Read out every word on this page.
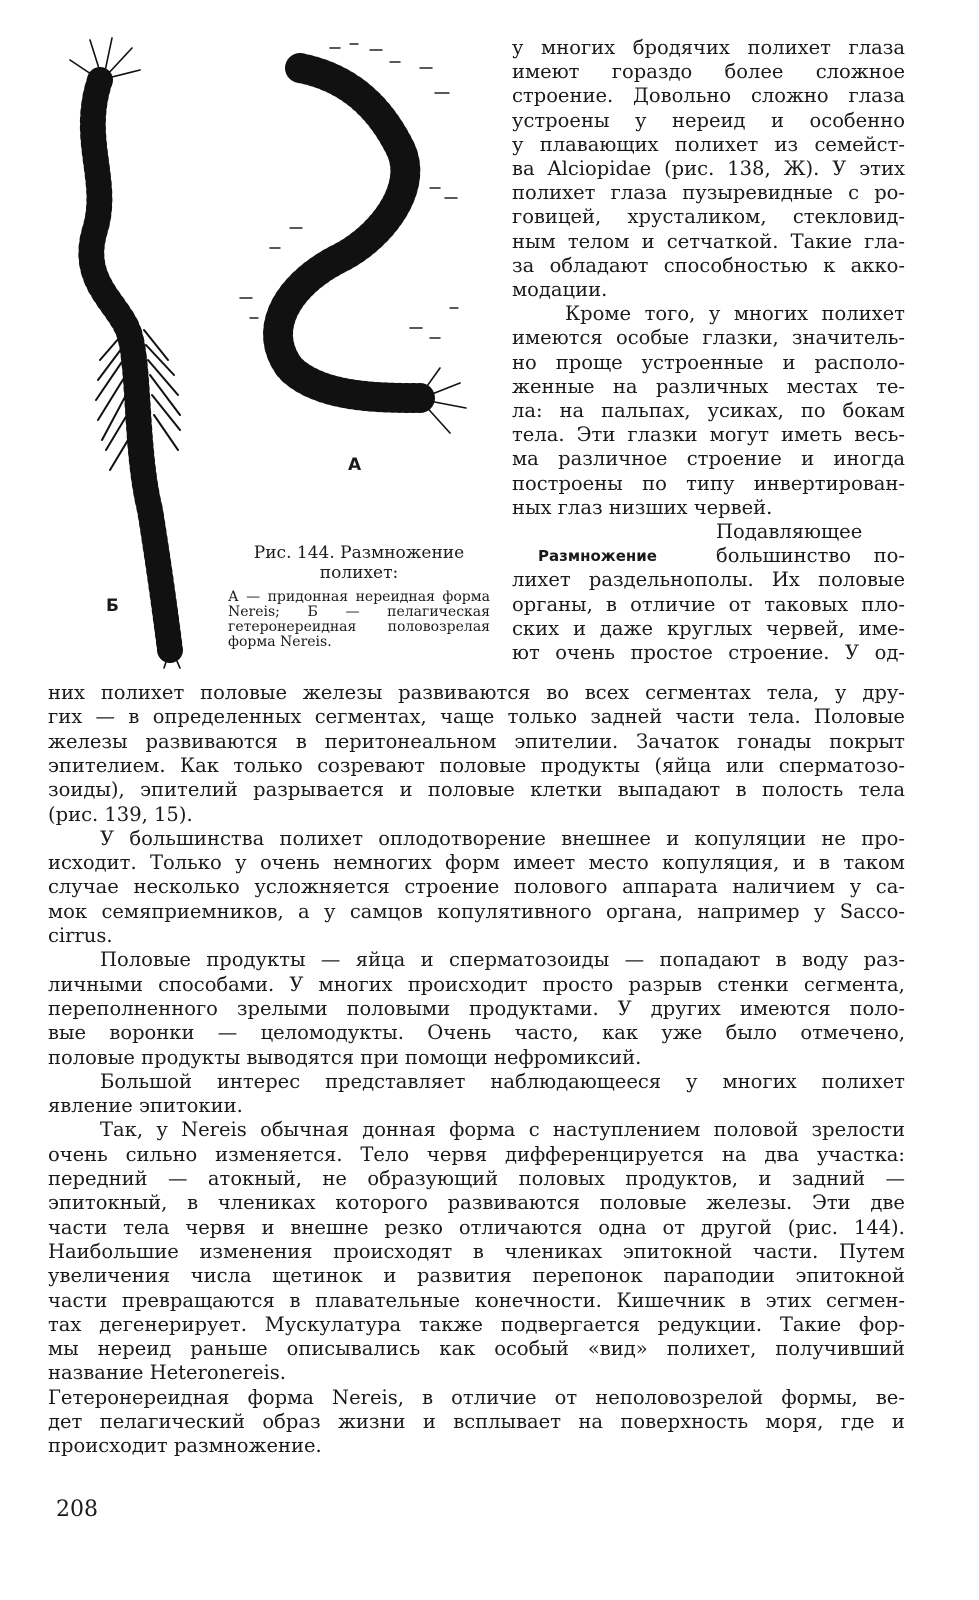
А
Б
Рис. 144. Размножение полихет:
А — придонная нереидная форма Nereis; Б — пелагическая гетеронереидная половозрелая форма Nereis.
Размножение
у многих бродячих полихет глаза
имеют гораздо более сложное
строение. Довольно сложно глаза
устроены у нереид и особенно
у плавающих полихет из семейст-
ва Alciopidae (рис. 138, Ж). У этих
полихет глаза пузыревидные с ро-
говицей, хрусталиком, стекловид-
ным телом и сетчаткой. Такие гла-
за обладают способностью к акко-
модации.
Кроме того, у многих полихет
имеются особые глазки, значитель-
но проще устроенные и располо-
женные на различных местах те-
ла: на пальпах, усиках, по бокам
тела. Эти глазки могут иметь весь-
ма различное строение и иногда
построены по типу инвертирован-
ных глаз низших червей.
Подавляющее
большинство по-
лихет раздельнополы. Их половые
органы, в отличие от таковых пло-
ских и даже круглых червей, име-
ют очень простое строение. У од-
них полихет половые железы развиваются во всех сегментах тела, у дру-
гих — в определенных сегментах, чаще только задней части тела. Половые
железы развиваются в перитонеальном эпителии. Зачаток гонады покрыт
эпителием. Как только созревают половые продукты (яйца или сперматозо-
зоиды), эпителий разрывается и половые клетки выпадают в полость тела
(рис. 139, 15).
У большинства полихет оплодотворение внешнее и копуляции не про-
исходит. Только у очень немногих форм имеет место копуляция, и в таком
случае несколько усложняется строение полового аппарата наличием у са-
мок семяприемников, а у самцов копулятивного органа, например у Sacco-
cirrus.
Половые продукты — яйца и сперматозоиды — попадают в воду раз-
личными способами. У многих происходит просто разрыв стенки сегмента,
переполненного зрелыми половыми продуктами. У других имеются поло-
вые воронки — целомодукты. Очень часто, как уже было отмечено,
половые продукты выводятся при помощи нефромиксий.
Большой интерес представляет наблюдающееся у многих полихет
явление эпитокии.
Так, у Nereis обычная донная форма с наступлением половой зрелости
очень сильно изменяется. Тело червя дифференцируется на два участка:
передний — атокный, не образующий половых продуктов, и задний —
эпитокный, в члениках которого развиваются половые железы. Эти две
части тела червя и внешне резко отличаются одна от другой (рис. 144).
Наибольшие изменения происходят в члениках эпитокной части. Путем
увеличения числа щетинок и развития перепонок параподии эпитокной
части превращаются в плавательные конечности. Кишечник в этих сегмен-
тах дегенерирует. Мускулатура также подвергается редукции. Такие фор-
мы нереид раньше описывались как особый «вид» полихет, получивший
название Heteronereis.
Гетеронереидная форма Nereis, в отличие от неполовозрелой формы, ве-
дет пелагический образ жизни и всплывает на поверхность моря, где и
происходит размножение.
208
